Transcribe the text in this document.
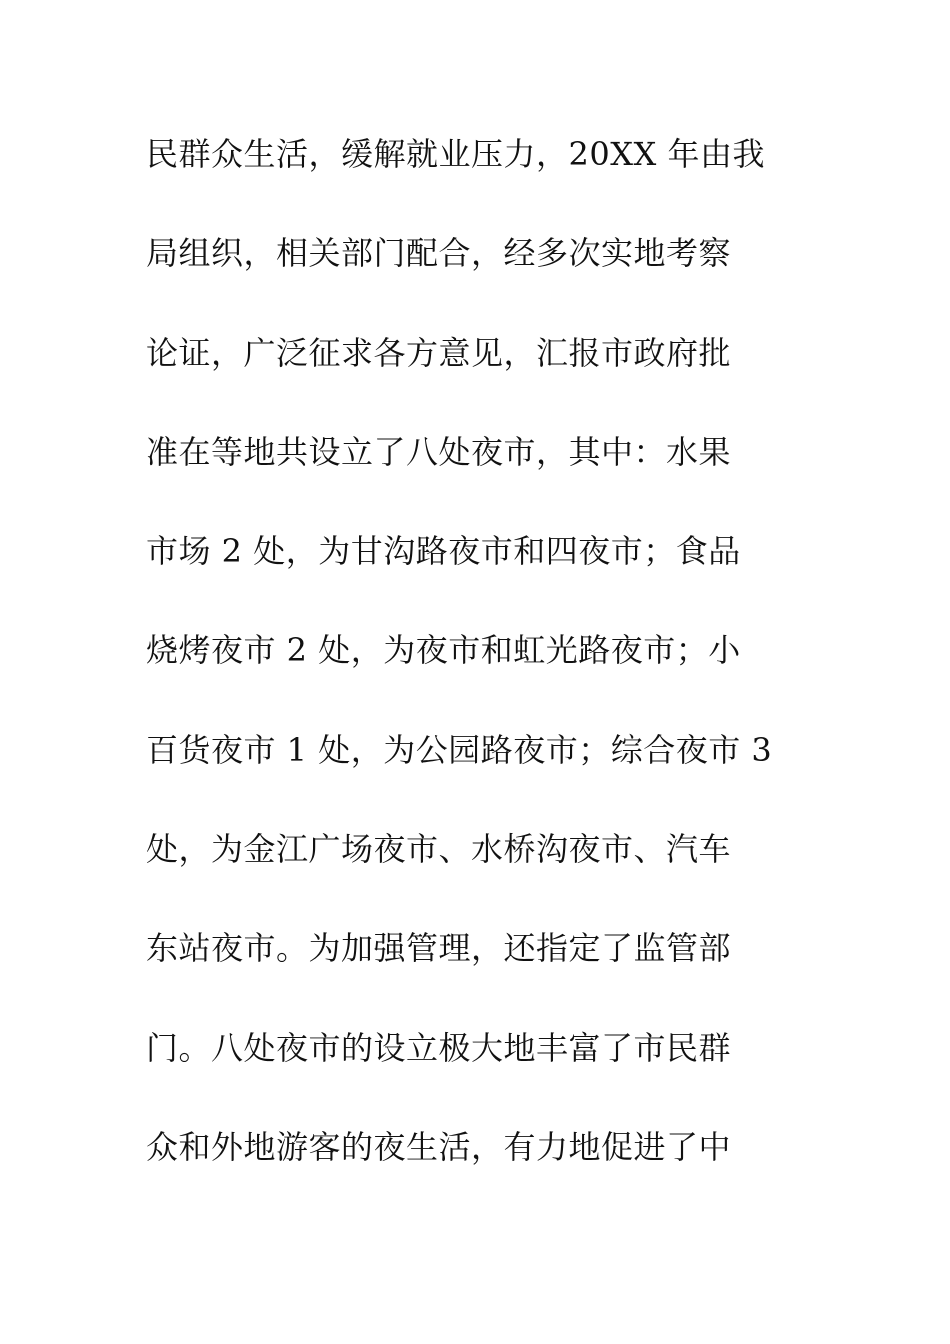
民群众生活，缓解就业压力，20XX 年由我
局组织，相关部门配合，经多次实地考察
论证，广泛征求各方意见，汇报市政府批
准在等地共设立了八处夜市，其中：水果
市场 2 处，为甘沟路夜市和四夜市；食品
烧烤夜市 2 处，为夜市和虹光路夜市；小
百货夜市 1 处，为公园路夜市；综合夜市 3
处，为金江广场夜市、水桥沟夜市、汽车
东站夜市。为加强管理，还指定了监管部
门。八处夜市的设立极大地丰富了市民群
众和外地游客的夜生活，有力地促进了中
